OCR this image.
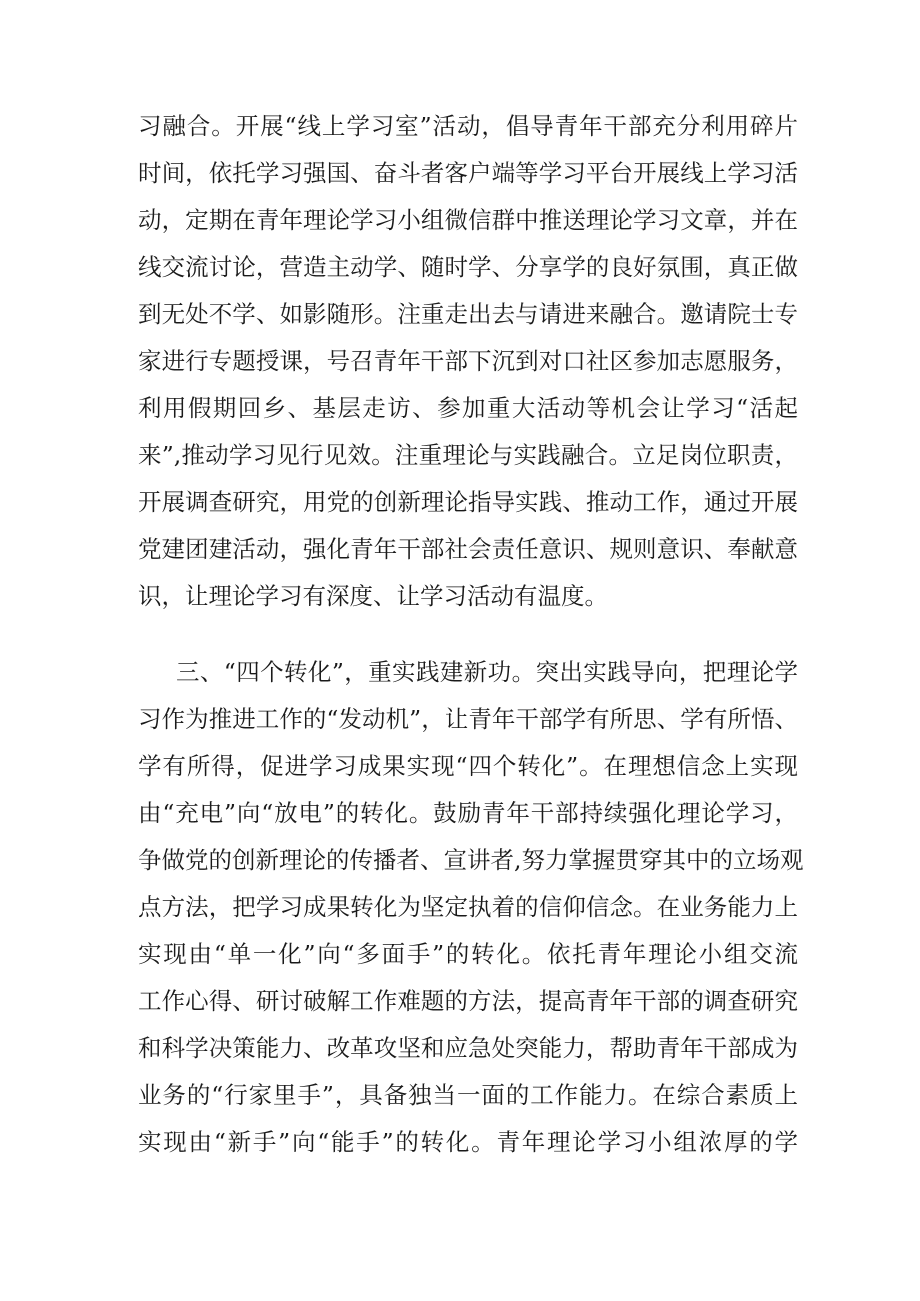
习融合。开展“线上学习室”活动，倡导青年干部充分利用碎片
时间，依托学习强国、奋斗者客户端等学习平台开展线上学习活
动，定期在青年理论学习小组微信群中推送理论学习文章，并在
线交流讨论，营造主动学、随时学、分享学的良好氛围，真正做
到无处不学、如影随形。注重走出去与请进来融合。邀请院士专
家进行专题授课，号召青年干部下沉到对口社区参加志愿服务，
利用假期回乡、基层走访、参加重大活动等机会让学习“活起
来”,推动学习见行见效。注重理论与实践融合。立足岗位职责，
开展调查研究，用党的创新理论指导实践、推动工作，通过开展
党建团建活动，强化青年干部社会责任意识、规则意识、奉献意
识，让理论学习有深度、让学习活动有温度。
三、“四个转化”，重实践建新功。突出实践导向，把理论学
习作为推进工作的“发动机”，让青年干部学有所思、学有所悟、
学有所得，促进学习成果实现“四个转化”。在理想信念上实现
由“充电”向“放电”的转化。鼓励青年干部持续强化理论学习，
争做党的创新理论的传播者、宣讲者,努力掌握贯穿其中的立场观
点方法，把学习成果转化为坚定执着的信仰信念。在业务能力上
实现由“单一化”向“多面手”的转化。依托青年理论小组交流
工作心得、研讨破解工作难题的方法，提高青年干部的调查研究
和科学决策能力、改革攻坚和应急处突能力，帮助青年干部成为
业务的“行家里手”，具备独当一面的工作能力。在综合素质上
实现由“新手”向“能手”的转化。青年理论学习小组浓厚的学
